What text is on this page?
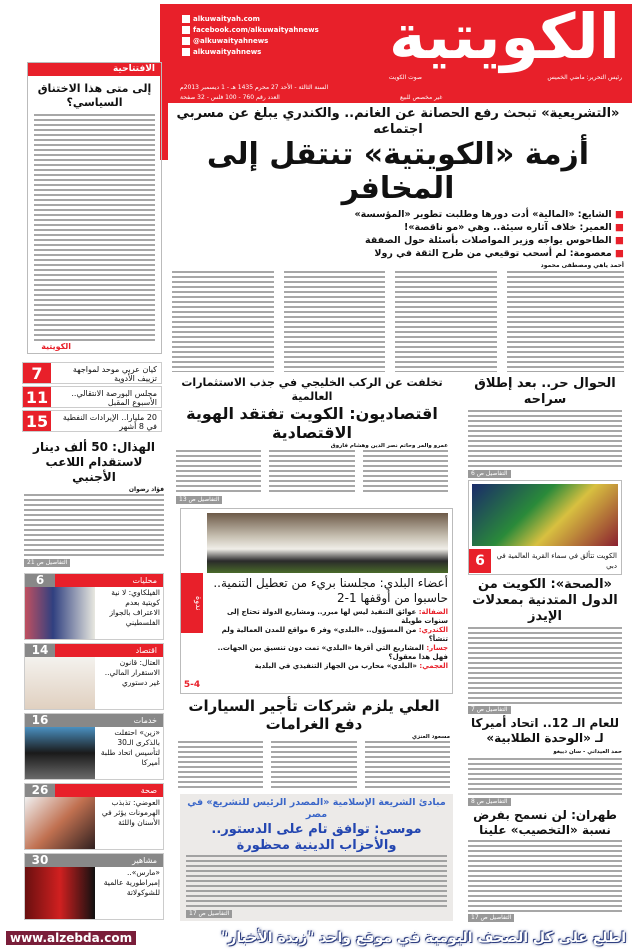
الكويتية
صوت الكويت	رئيس التحرير: ماضي الخميس
السنة الثالثة - الأحد 27 محرم 1435 هـ - 1 ديسمبر 2013م
العدد رقم 760 - 100 فلس - 32 صفحة	غير مخصص للبيع
alkuwaityah.com
facebook.com/alkuwaityahnews
@alkuwaityahnews
alkuwaityahnews
«التشريعية» تبحث رفع الحصانة عن الغانم.. والكندري يبلغ عن مسربي اجتماعه
أزمة «الكويتية» تنتقل إلى المخافر
■ الشايع: «المالية» أدت دورها وطلبت تطوير «المؤسسة»
■ العمير: خلاف آثاره سيئة.. وهي «مو ناقصة»!
■ الطاحوس يواجه وزير المواصلات بأسئلة حول الصفقة
■ معصومة: لم أسحب توقيعي من طرح الثقة في رولا
أحمد ياهي ومصطفى محمود
الافتتاحية
إلى متى هذا الاختناق السياسي؟
الكويتية
كيان عربي موحد لمواجهة تزييف الأدوية
7
مجلس البورصة الانتقالي.. الأسبوع المقبل
11
20 مليارا.. الإيرادات النفطية في 8 أشهر
15
الهذال: 50 ألف دينار لاستقدام اللاعب الأجنبي
فؤاد رضوان
التفاصيل ص 21
6	محليات
الفيلكاوي: لا نية كويتية بعدم الاعتراف بالجواز الفلسطيني
14	اقتصاد
العتال: قانون الاستقرار المالي.. غير دستوري
16	خدمات
«زين» احتفلت بالذكرى الـ30 لتأسيس اتحاد طلبة أميركا
26	صحة
العوضي: تذبذب الهرمونات يؤثر في الأسنان واللثة
30	مشاهير
«مارس».. إمبراطورية عالمية للشوكولاتة
تخلفت عن الركب الخليجي في جذب الاستثمارات العالمية
اقتصاديون: الكويت تفتقد الهوية الاقتصادية
عمرو والمر وحاتم نصر الدين وهشام فاروق
التفاصيل ص 13
أعضاء البلدي: مجلسنا بريء من تعطيل التنمية.. حاسبوا من أوقفها 1-2
الضفالة: عوائق التنفيذ ليس لها مبرر.. ومشاريع الدولة تحتاج إلى سنوات طويلة
الكندري: من المسؤول.. «البلدي» وفر 6 مواقع للمدن العمالية ولم تنشأ؟
جسار: المشاريع التي أقرها «البلدي» تمت دون تنسيق بين الجهات.. فهل هذا معقول؟
العجمي: «البلدي» محارب من الجهاز التنفيذي في البلدية
ندوة
5-4
العلي يلزم شركات تأجير السيارات دفع الغرامات
مسعود العنزي
مبادئ الشريعة الإسلامية «المصدر الرئيس للتشريع» في مصر
موسى: توافق تام على الدستور.. والأحزاب الدينية محظورة
التفاصيل ص 17
الحوال حر.. بعد إطلاق سراحه
التفاصيل ص 6
الكويت تتألق في سماء القرية العالمية في دبي
6
«الصحة»: الكويت من الدول المتدنية بمعدلات الإيدز
التفاصيل ص 7
للعام الـ 12.. اتحاد أميركا لـ «الوحدة الطلابية»
حمد العيداني - سان دييغو
التفاصيل ص 8
طهران: لن نسمح بفرض نسبة «التخصيب» علينا
التفاصيل ص 17
اطلع على كل الصحف اليومية في موقع واحد "زبدة الأخبار"
www.alzebda.com
